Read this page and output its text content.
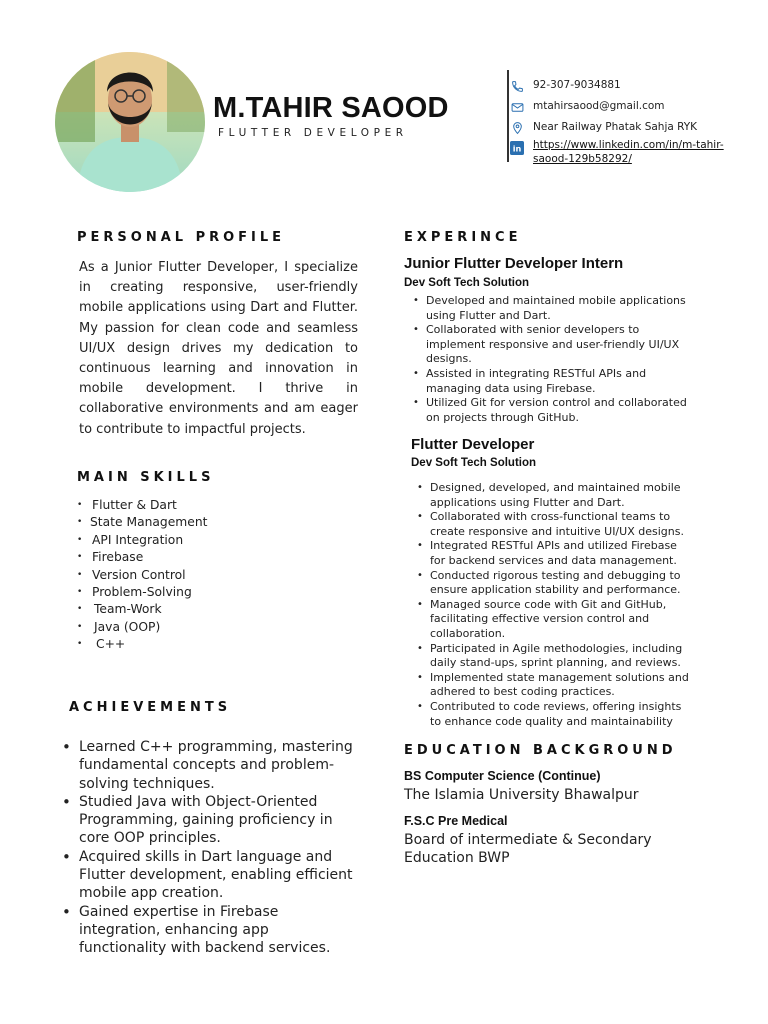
M.TAHIR SAOOD
FLUTTER DEVELOPER
92-307-9034881
mtahirsaood@gmail.com
Near Railway Phatak Sahja RYK
in https://www.linkedin.com/in/m-tahir-
saood-129b58292/
PERSONAL PROFILE
As a Junior Flutter Developer, I specialize in creating responsive, user-friendly mobile applications using Dart and Flutter. My passion for clean code and seamless UI/UX design drives my dedication to continuous learning and innovation in mobile development. I thrive in collaborative environments and am eager to contribute to impactful projects.
MAIN SKILLS
• Flutter & Dart
• State Management
• API Integration
• Firebase
• Version Control
• Problem-Solving
• Team-Work
• Java (OOP)
• C++
ACHIEVEMENTS
• Learned C++ programming, mastering fundamental concepts and problem-solving techniques.
• Studied Java with Object-Oriented Programming, gaining proficiency in core OOP principles.
• Acquired skills in Dart language and Flutter development, enabling efficient mobile app creation.
• Gained expertise in Firebase integration, enhancing app functionality with backend services.
EXPERINCE
Junior Flutter Developer Intern
Dev Soft Tech Solution
• Developed and maintained mobile applications using Flutter and Dart.
• Collaborated with senior developers to implement responsive and user-friendly UI/UX designs.
• Assisted in integrating RESTful APIs and managing data using Firebase.
• Utilized Git for version control and collaborated on projects through GitHub.
Flutter Developer
Dev Soft Tech Solution
• Designed, developed, and maintained mobile applications using Flutter and Dart.
• Collaborated with cross-functional teams to create responsive and intuitive UI/UX designs.
• Integrated RESTful APIs and utilized Firebase for backend services and data management.
• Conducted rigorous testing and debugging to ensure application stability and performance.
• Managed source code with Git and GitHub, facilitating effective version control and collaboration.
• Participated in Agile methodologies, including daily stand-ups, sprint planning, and reviews.
• Implemented state management solutions and adhered to best coding practices.
• Contributed to code reviews, offering insights to enhance code quality and maintainability
EDUCATION BACKGROUND
BS Computer Science (Continue)
The Islamia University Bhawalpur
F.S.C Pre Medical
Board of intermediate & Secondary Education BWP
